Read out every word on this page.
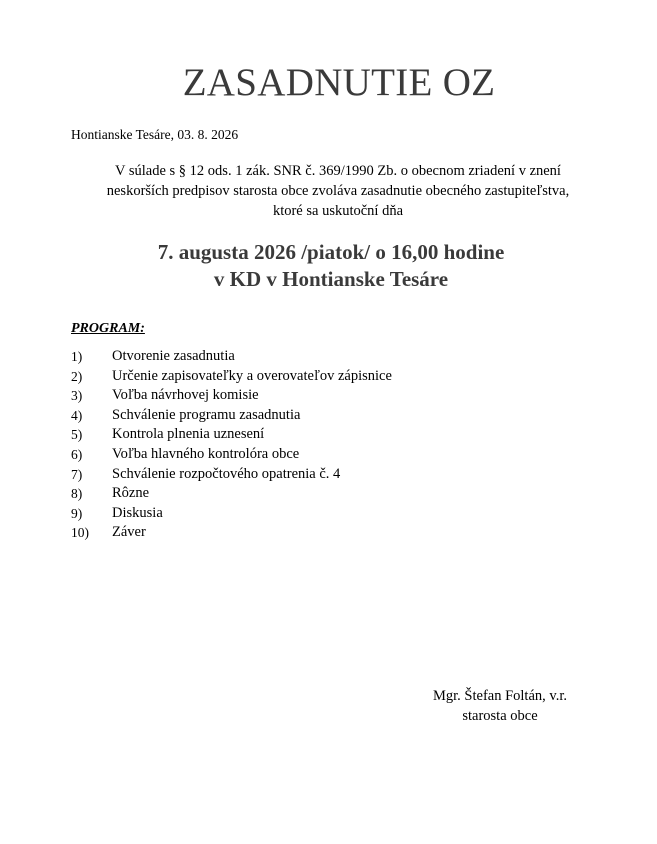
ZASADNUTIE OZ
Hontianske Tesáre, 03. 8. 2026
V súlade s § 12 ods. 1 zák. SNR č. 369/1990 Zb. o obecnom zriadení v znení
neskorších predpisov starosta obce zvoláva zasadnutie obecného zastupiteľstva,
ktoré sa uskutoční dňa
7. augusta 2026 /piatok/ o 16,00 hodine
v KD v Hontianske Tesáre
PROGRAM:
1) Otvorenie zasadnutia
2) Určenie zapisovateľky a overovateľov zápisnice
3) Voľba návrhovej komisie
4) Schválenie programu zasadnutia
5) Kontrola plnenia uznesení
6) Voľba hlavného kontrolóra obce
7) Schválenie rozpočtového opatrenia č. 4
8) Rôzne
9) Diskusia
10) Záver
Mgr. Štefan Foltán, v.r.
starosta obce
